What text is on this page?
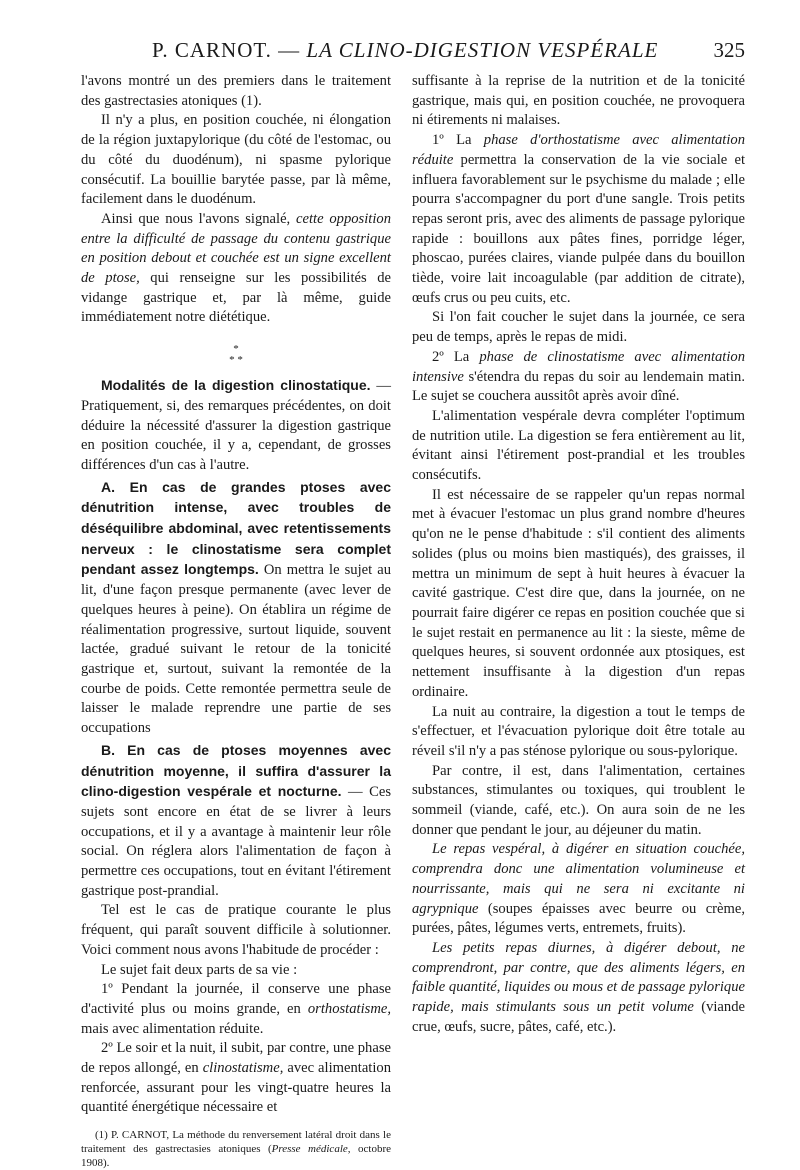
P. CARNOT. — LA CLINO-DIGESTION VESPÉRALE	325

l'avons montré un des premiers dans le traitement des gastrectasies atoniques (1).

Il n'y a plus, en position couchée, ni élongation de la région juxtapylorique (du côté de l'estomac, ou du côté du duodénum), ni spasme pylorique consécutif. La bouillie barytée passe, par là même, facilement dans le duodénum.

Ainsi que nous l'avons signalé, cette opposition entre la difficulté de passage du contenu gastrique en position debout et couchée est un signe excellent de ptose, qui renseigne sur les possibilités de vidange gastrique et, par là même, guide immédiatement notre diététique.

*
* *

Modalités de la digestion clinostatique. — Pratiquement, si, des remarques précédentes, on doit déduire la nécessité d'assurer la digestion gastrique en position couchée, il y a, cependant, de grosses différences d'un cas à l'autre.

A. En cas de grandes ptoses avec dénutrition intense, avec troubles de déséquilibre abdominal, avec retentissements nerveux : le clinostatisme sera complet pendant assez longtemps. On mettra le sujet au lit, d'une façon presque permanente (avec lever de quelques heures à peine). On établira un régime de réalimentation progressive, surtout liquide, souvent lactée, gradué suivant le retour de la tonicité gastrique et, surtout, suivant la remontée de la courbe de poids. Cette remontée permettra seule de laisser le malade reprendre une partie de ses occupations

B. En cas de ptoses moyennes avec dénutrition moyenne, il suffira d'assurer la clino-digestion vespérale et nocturne. — Ces sujets sont encore en état de se livrer à leurs occupations, et il y a avantage à maintenir leur rôle social. On réglera alors l'alimentation de façon à permettre ces occupations, tout en évitant l'étirement gastrique post-prandial.

Tel est le cas de pratique courante le plus fréquent, qui paraît souvent difficile à solutionner. Voici comment nous avons l'habitude de procéder :

Le sujet fait deux parts de sa vie :

1º Pendant la journée, il conserve une phase d'activité plus ou moins grande, en orthostatisme, mais avec alimentation réduite.

2º Le soir et la nuit, il subit, par contre, une phase de repos allongé, en clinostatisme, avec alimentation renforcée, assurant pour les vingt-quatre heures la quantité énergétique nécessaire et

(1) P. CARNOT, La méthode du renversement latéral droit dans le traitement des gastrectasies atoniques (Presse médicale, octobre 1908).

suffisante à la reprise de la nutrition et de la tonicité gastrique, mais qui, en position couchée, ne provoquera ni étirements ni malaises.

1º La phase d'orthostatisme avec alimentation réduite permettra la conservation de la vie sociale et influera favorablement sur le psychisme du malade ; elle pourra s'accompagner du port d'une sangle. Trois petits repas seront pris, avec des aliments de passage pylorique rapide : bouillons aux pâtes fines, porridge léger, phoscao, purées claires, viande pulpée dans du bouillon tiède, voire lait incoagulable (par addition de citrate), œufs crus ou peu cuits, etc.

Si l'on fait coucher le sujet dans la journée, ce sera peu de temps, après le repas de midi.

2º La phase de clinostatisme avec alimentation intensive s'étendra du repas du soir au lendemain matin. Le sujet se couchera aussitôt après avoir dîné.

L'alimentation vespérale devra compléter l'optimum de nutrition utile. La digestion se fera entièrement au lit, évitant ainsi l'étirement post-prandial et les troubles consécutifs.

Il est nécessaire de se rappeler qu'un repas normal met à évacuer l'estomac un plus grand nombre d'heures qu'on ne le pense d'habitude : s'il contient des aliments solides (plus ou moins bien mastiqués), des graisses, il mettra un minimum de sept à huit heures à évacuer la cavité gastrique. C'est dire que, dans la journée, on ne pourrait faire digérer ce repas en position couchée que si le sujet restait en permanence au lit : la sieste, même de quelques heures, si souvent ordonnée aux ptosiques, est nettement insuffisante à la digestion d'un repas ordinaire.

La nuit au contraire, la digestion a tout le temps de s'effectuer, et l'évacuation pylorique doit être totale au réveil s'il n'y a pas sténose pylorique ou sous-pylorique.

Par contre, il est, dans l'alimentation, certaines substances, stimulantes ou toxiques, qui troublent le sommeil (viande, café, etc.). On aura soin de ne les donner que pendant le jour, au déjeuner du matin.

Le repas vespéral, à digérer en situation couchée, comprendra donc une alimentation volumineuse et nourrissante, mais qui ne sera ni excitante ni agrypnique (soupes épaisses avec beurre ou crème, purées, pâtes, légumes verts, entremets, fruits).

Les petits repas diurnes, à digérer debout, ne comprendront, par contre, que des aliments légers, en faible quantité, liquides ou mous et de passage pylorique rapide, mais stimulants sous un petit volume (viande crue, œufs, sucre, pâtes, café, etc.).
